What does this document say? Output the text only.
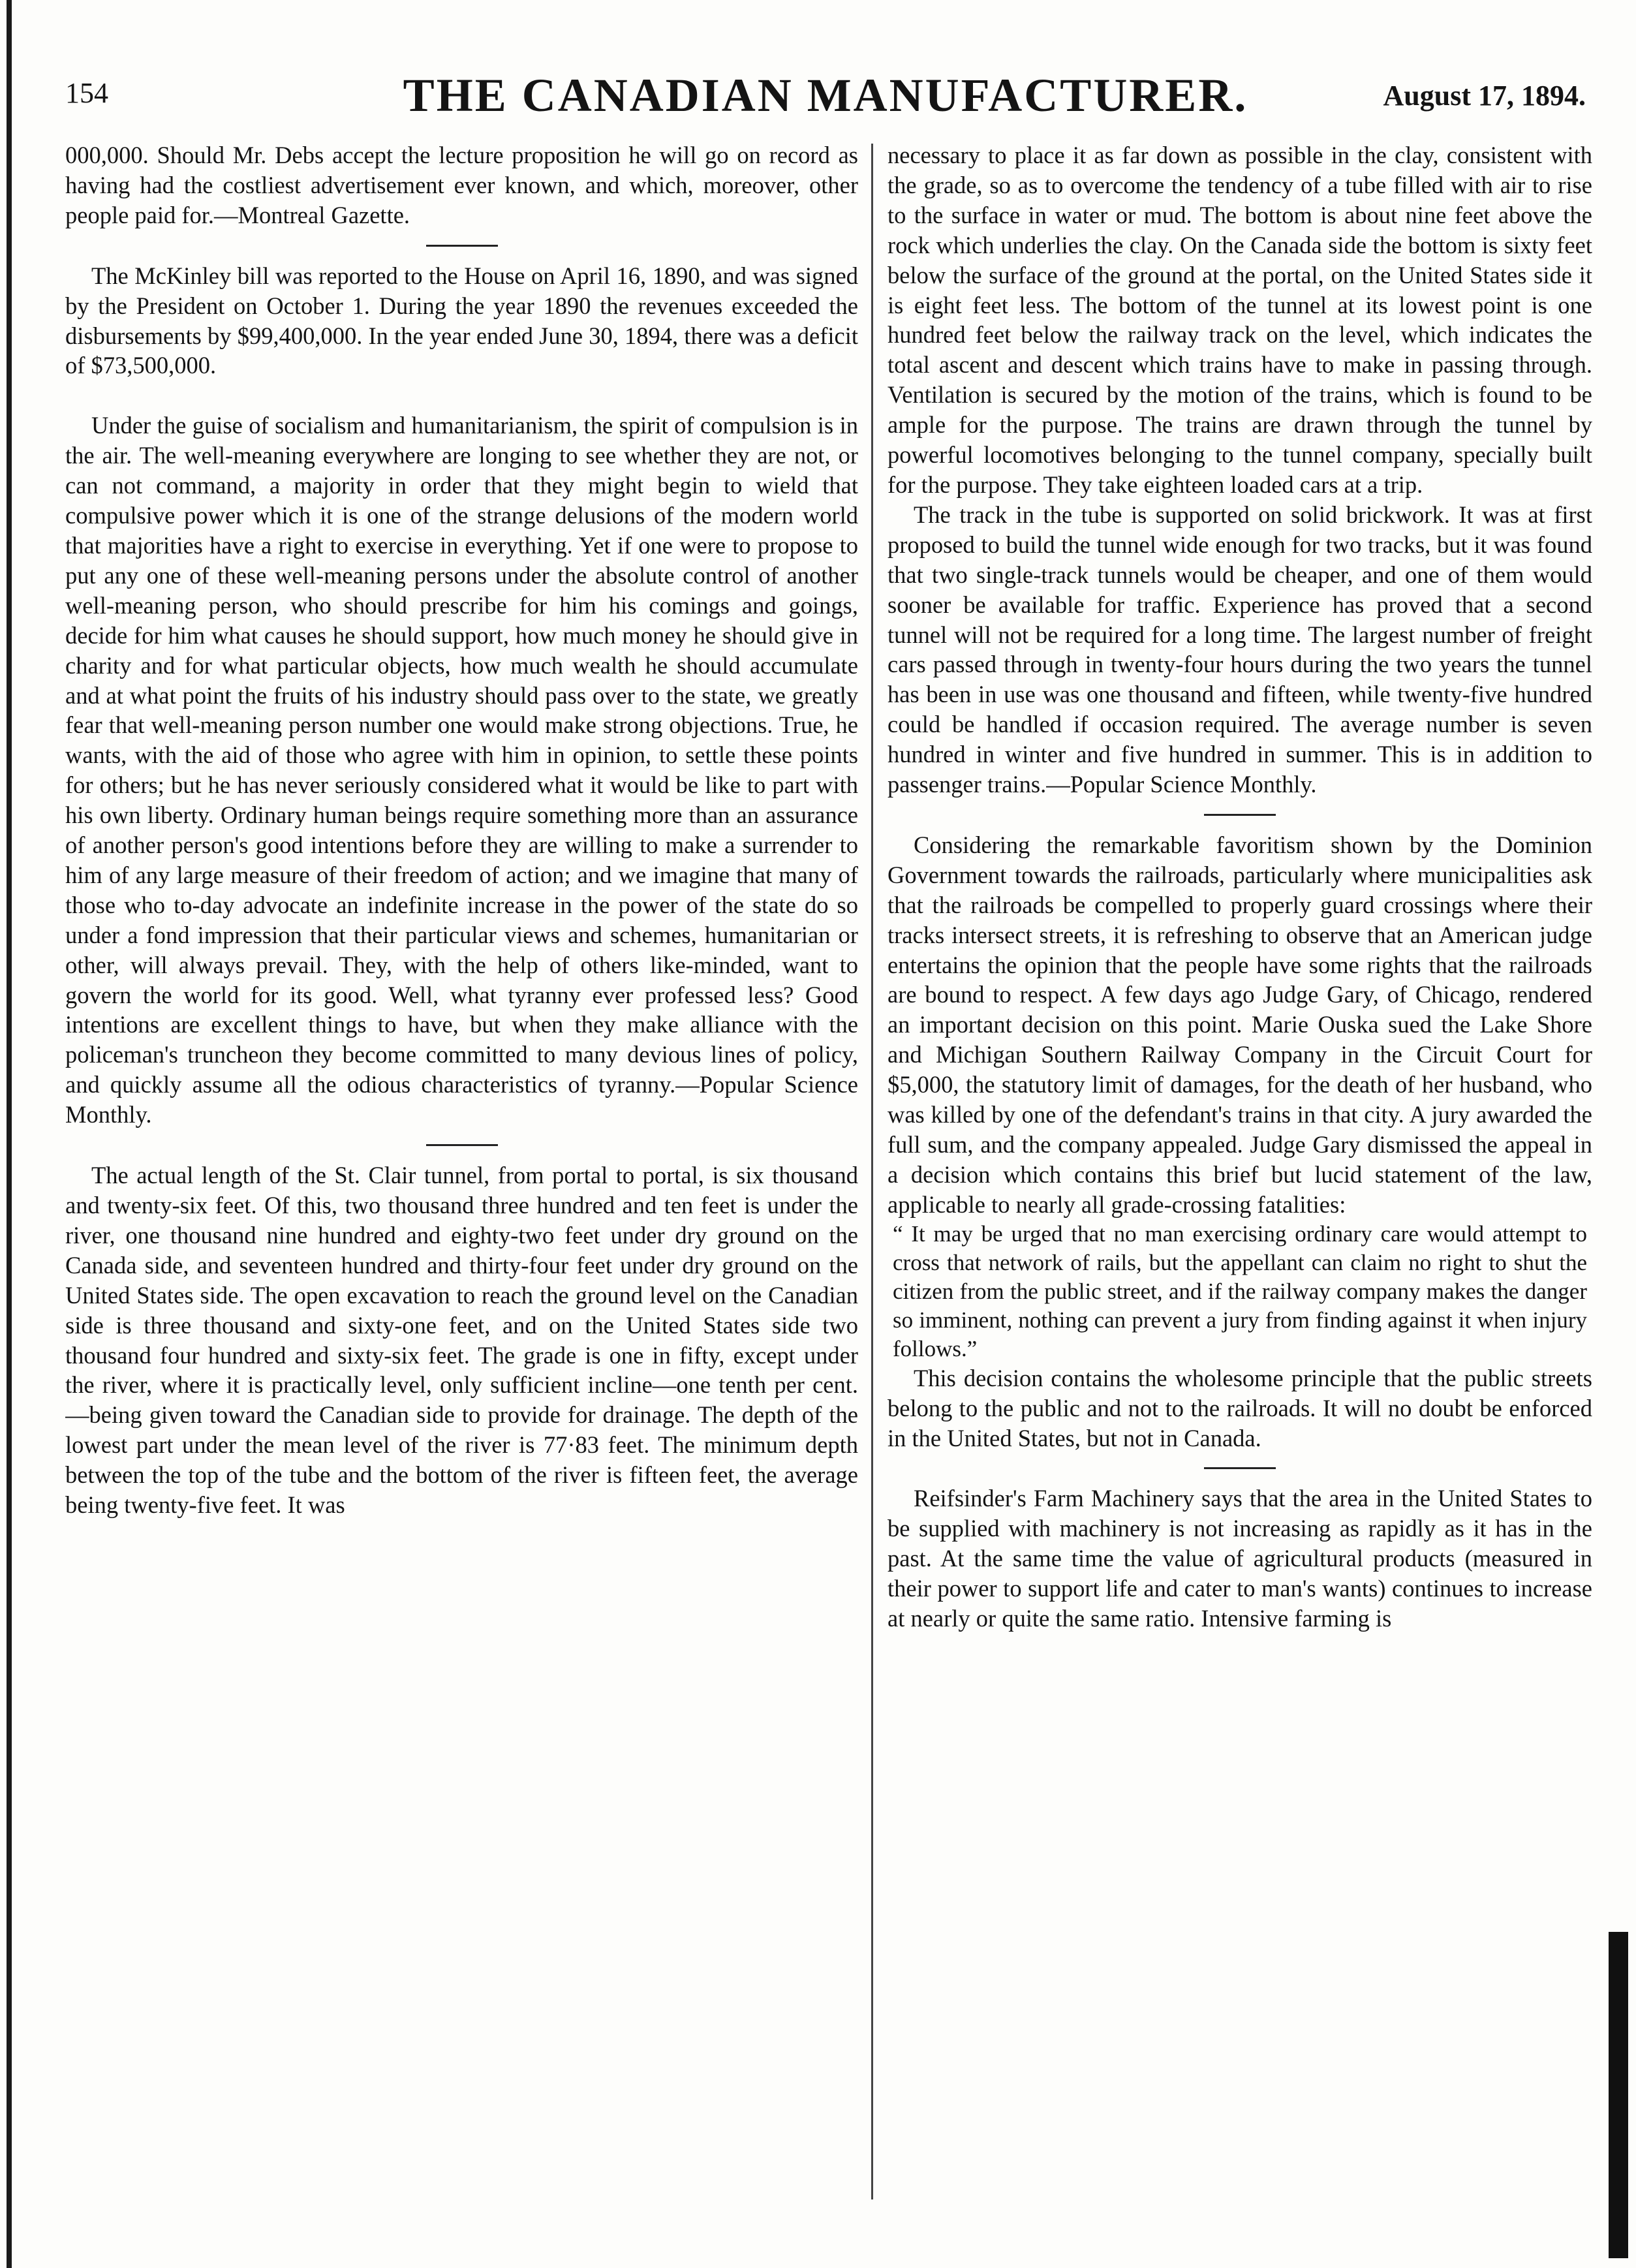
154	THE CANADIAN MANUFACTURER.	August 17, 1894.

000,000. Should Mr. Debs accept the lecture proposition he will go on record as having had the costliest advertisement ever known, and which, moreover, other people paid for.—Montreal Gazette.

The McKinley bill was reported to the House on April 16, 1890, and was signed by the President on October 1. During the year 1890 the revenues exceeded the disbursements by $99,400,000. In the year ended June 30, 1894, there was a deficit of $73,500,000.

Under the guise of socialism and humanitarianism, the spirit of compulsion is in the air. The well-meaning everywhere are longing to see whether they are not, or can not command, a majority in order that they might begin to wield that compulsive power which it is one of the strange delusions of the modern world that majorities have a right to exercise in everything. Yet if one were to propose to put any one of these well-meaning persons under the absolute control of another well-meaning person, who should prescribe for him his comings and goings, decide for him what causes he should support, how much money he should give in charity and for what particular objects, how much wealth he should accumulate and at what point the fruits of his industry should pass over to the state, we greatly fear that well-meaning person number one would make strong objections. True, he wants, with the aid of those who agree with him in opinion, to settle these points for others; but he has never seriously considered what it would be like to part with his own liberty. Ordinary human beings require something more than an assurance of another person's good intentions before they are willing to make a surrender to him of any large measure of their freedom of action; and we imagine that many of those who to-day advocate an indefinite increase in the power of the state do so under a fond impression that their particular views and schemes, humanitarian or other, will always prevail. They, with the help of others like-minded, want to govern the world for its good. Well, what tyranny ever professed less? Good intentions are excellent things to have, but when they make alliance with the policeman's truncheon they become committed to many devious lines of policy, and quickly assume all the odious characteristics of tyranny.—Popular Science Monthly.

The actual length of the St. Clair tunnel, from portal to portal, is six thousand and twenty-six feet. Of this, two thousand three hundred and ten feet is under the river, one thousand nine hundred and eighty-two feet under dry ground on the Canada side, and seventeen hundred and thirty-four feet under dry ground on the United States side. The open excavation to reach the ground level on the Canadian side is three thousand and sixty-one feet, and on the United States side two thousand four hundred and sixty-six feet. The grade is one in fifty, except under the river, where it is practically level, only sufficient incline—one tenth per cent.—being given toward the Canadian side to provide for drainage. The depth of the lowest part under the mean level of the river is 77·83 feet. The minimum depth between the top of the tube and the bottom of the river is fifteen feet, the average being twenty-five feet. It was

necessary to place it as far down as possible in the clay, consistent with the grade, so as to overcome the tendency of a tube filled with air to rise to the surface in water or mud. The bottom is about nine feet above the rock which underlies the clay. On the Canada side the bottom is sixty feet below the surface of the ground at the portal, on the United States side it is eight feet less. The bottom of the tunnel at its lowest point is one hundred feet below the railway track on the level, which indicates the total ascent and descent which trains have to make in passing through. Ventilation is secured by the motion of the trains, which is found to be ample for the purpose. The trains are drawn through the tunnel by powerful locomotives belonging to the tunnel company, specially built for the purpose. They take eighteen loaded cars at a trip.

The track in the tube is supported on solid brickwork. It was at first proposed to build the tunnel wide enough for two tracks, but it was found that two single-track tunnels would be cheaper, and one of them would sooner be available for traffic. Experience has proved that a second tunnel will not be required for a long time. The largest number of freight cars passed through in twenty-four hours during the two years the tunnel has been in use was one thousand and fifteen, while twenty-five hundred could be handled if occasion required. The average number is seven hundred in winter and five hundred in summer. This is in addition to passenger trains.—Popular Science Monthly.

Considering the remarkable favoritism shown by the Dominion Government towards the railroads, particularly where municipalities ask that the railroads be compelled to properly guard crossings where their tracks intersect streets, it is refreshing to observe that an American judge entertains the opinion that the people have some rights that the railroads are bound to respect. A few days ago Judge Gary, of Chicago, rendered an important decision on this point. Marie Ouska sued the Lake Shore and Michigan Southern Railway Company in the Circuit Court for $5,000, the statutory limit of damages, for the death of her husband, who was killed by one of the defendant's trains in that city. A jury awarded the full sum, and the company appealed. Judge Gary dismissed the appeal in a decision which contains this brief but lucid statement of the law, applicable to nearly all grade-crossing fatalities:

“ It may be urged that no man exercising ordinary care would attempt to cross that network of rails, but the appellant can claim no right to shut the citizen from the public street, and if the railway company makes the danger so imminent, nothing can prevent a jury from finding against it when injury follows.”

This decision contains the wholesome principle that the public streets belong to the public and not to the railroads. It will no doubt be enforced in the United States, but not in Canada.

Reifsinder's Farm Machinery says that the area in the United States to be supplied with machinery is not increasing as rapidly as it has in the past. At the same time the value of agricultural products (measured in their power to support life and cater to man's wants) continues to increase at nearly or quite the same ratio. Intensive farming is
